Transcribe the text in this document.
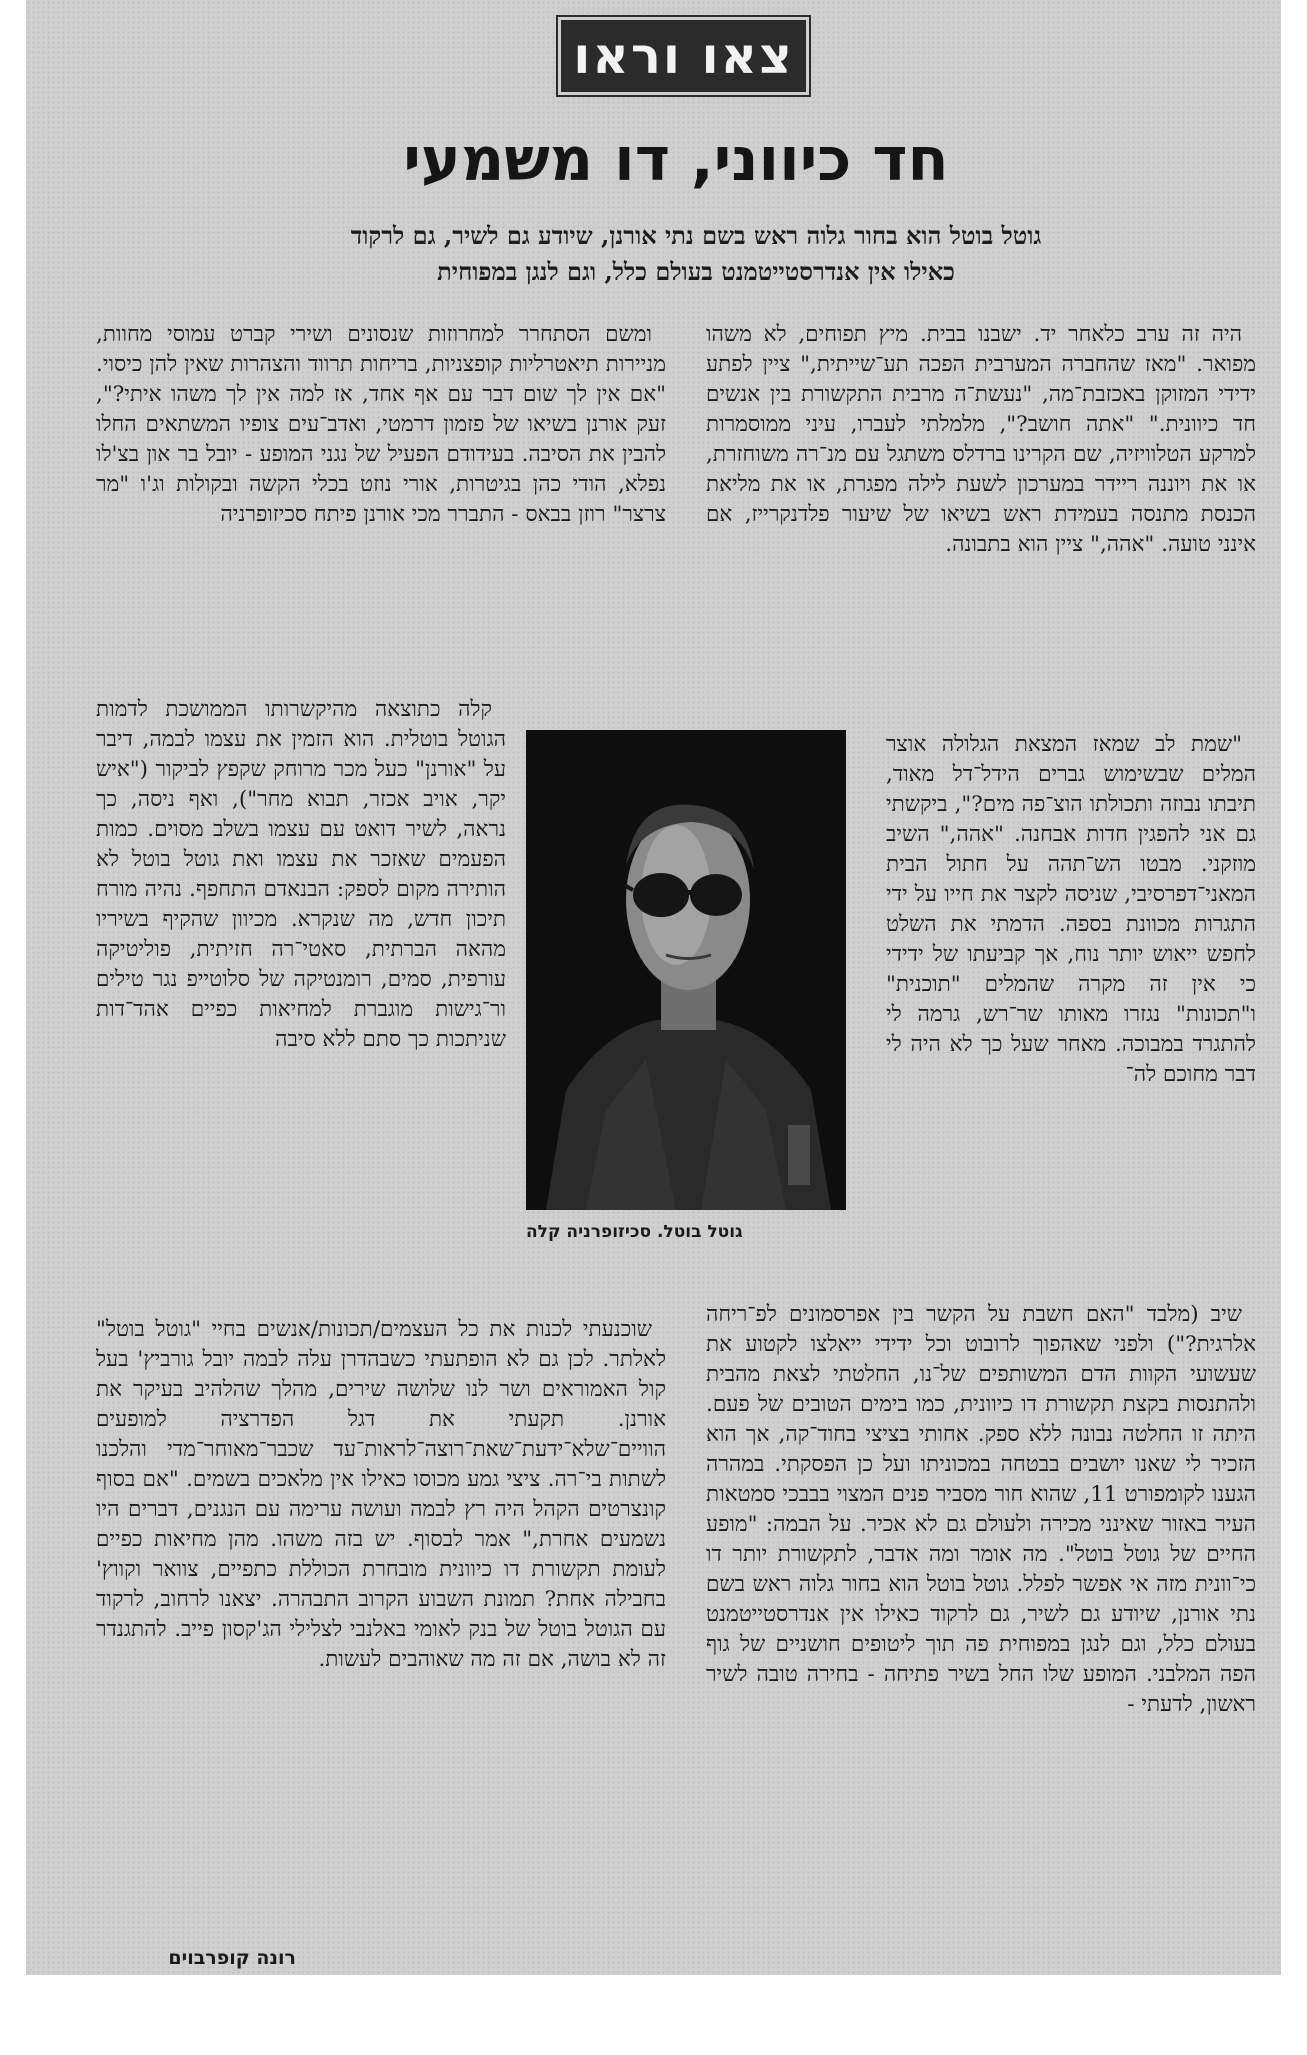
צאו וראו
חד כיווני, דו משמעי

גוטל בוטל הוא בחור גלוה ראש בשם נתי אורנן, שיודע גם לשיר, גם לרקוד כאילו אין אנדרסטייטמנט בעולם כלל, וגם לנגן במפוחית

היה זה ערב כלאחר יד. ישבנו בבית. מיץ תפוחים, לא משהו מפואר. "מאז שהחברה המערבית הפכה תע־שייתית," ציין לפתע ידידי המזוקן באכזבת־מה, "נעשת־ה מרבית התקשורת בין אנשים חד כיוונית." "אתה חושב?", מלמלתי לעברו, עיני ממוסמרות למרקע הטלוויזיה, שם הקרינו ברדלס משתגל עם מנ־רה משוחזרת, או את ויוננה ריידר במערכון לשעת לילה מפגרת, או את מליאת הכנסת מתנסה בעמידת ראש בשיאו של שיעור פלדנקרייז, אם אינני טועה. "אהה," ציין הוא בתבונה.

"שמת לב שמאז המצאת הגלולה אוצר המלים שבשימוש גברים הידל־דל מאוד, תיבתו נבוזה ותכולתו הוצ־פה מים?", ביקשתי גם אני להפגין חדות אבחנה. "אהה," השיב מוזקני. מבטו הש־תהה על חתול הבית המאני־דפרסיבי, שניסה לקצר את חייו על ידי התגרות מכוונת בספה. הדמתי את השלט לחפש ייאוש יותר נוח, אך קביעתו של ידידי כי אין זה מקרה שהמלים "תוכנית" ו"תכונות" נגזרו מאותו שר־רש, גרמה לי להתגרד במבוכה. מאחר שעל כך לא היה לי דבר מחוכם לה־

שיב (מלבד "האם חשבת על הקשר בין אפרסמונים לפ־ריחה אלרגית?") ולפני שאהפוך לרובוט וכל ידידי ייאלצו לקטוע את שעשועי הקוות הדם המשותפים של־נו, החלטתי לצאת מהבית ולהתנסות בקצת תקשורת דו כיוונית, כמו בימים הטובים של פעם. היתה זו החלטה נבונה ללא ספק. אחותי בציצי בחוד־קה, אך הוא הזכיר לי שאנו יושבים בבטחה במכוניתו ועל כן הפסקתי. במהרה הגענו לקומפורט 11, שהוא חור מסביר פנים המצוי בבבכי סמטאות העיר באזור שאינני מכירה ולעולם גם לא אכיר. על הבמה: "מופע החיים של גוטל בוטל". מה אומר ומה אדבר, לתקשורת יותר דו כי־וונית מזה אי אפשר לפלל. גוטל בוטל הוא בחור גלוה ראש בשם נתי אורנן, שיודע גם לשיר, גם לרקוד כאילו אין אנדרסטייטמנט בעולם כלל, וגם לנגן במפוחית פה תוך ליטופים חושניים של גוף הפה המלבני. המופע שלו החל בשיר פתיחה - בחירה טובה לשיר ראשון, לדעתי -

ומשם הסתחרר למחרוזות שנסונים ושירי קברט עמוסי מחוות, מניירות תיאטרליות קופצניות, בריחות תרווד והצהרות שאין להן כיסוי. "אם אין לך שום דבר עם אף אחד, אז למה אין לך משהו איתי?", זעק אורנן בשיאו של פזמון דרמטי, ואדב־עים צופיו המשתאים החלו להבין את הסיבה. בעידודם הפעיל של נגני המופע - יובל בר און בצ'לו נפלא, הודי כהן בגיטרות, אורי נוזט בכלי הקשה ובקולות וג'ו "מר צרצר" רוזן בבאס - התברר מכי אורנן פיתח סכיזופרניה

קלה כתוצאה מהיקשרותו הממושכת לדמות הגוטל בוטלית. הוא הזמין את עצמו לבמה, דיבר על "אורנן" כעל מכר מרוחק שקפץ לביקור ("איש יקר, אויב אכזר, תבוא מחר"), ואף ניסה, כך נראה, לשיר דואט עם עצמו בשלב מסוים. כמות הפעמים שאזכר את עצמו ואת גוטל בוטל לא הותירה מקום לספק: הבנאדם התחפף. נהיה מורח תיכון חדש, מה שנקרא. מכיוון שהקיף בשיריו מהאה הברתית, סאטי־רה חזיתית, פוליטיקה עורפית, סמים, רומנטיקה של סלוטייפ נגר טילים ור־גישות מוגברת למחיאות כפיים אהד־דות שניתכות כך סתם ללא סיבה

שוכנעתי לכנות את כל העצמים/תכונות/אנשים בחיי "גוטל בוטל" לאלתר. לכן גם לא הופתעתי כשבהדרן עלה לבמה יובל גורביץ' בעל קול האמוראים ושר לנו שלושה שירים, מהלך שהלהיב בעיקר את אורנן. תקעתי את דגל הפדרציה למופעים הוויים־שלא־ידעת־שאת־רוצה־לראות־עד שכבר־מאוחר־מדי והלכנו לשתות בי־רה. ציצי גמע מכוסו כאילו אין מלאכים בשמים. "אם בסוף קונצרטים הקהל היה רץ לבמה ועושה ערימה עם הנגנים, דברים היו נשמעים אחרת," אמר לבסוף. יש בזה משהו. מהן מחיאות כפיים לעומת תקשורת דו כיוונית מובחרת הכוללת כתפיים, צוואר וקווץ' בחבילה אחת? תמונת השבוע הקרוב התבהרה. יצאנו לרחוב, לרקוד עם הגוטל בוטל של בנק לאומי באלנבי לצלילי הג'קסון פייב. להתגנדר זה לא בושה, אם זה מה שאוהבים לעשות.

גוטל בוטל. סכיזופרניה קלה

רונה קופרבוים
